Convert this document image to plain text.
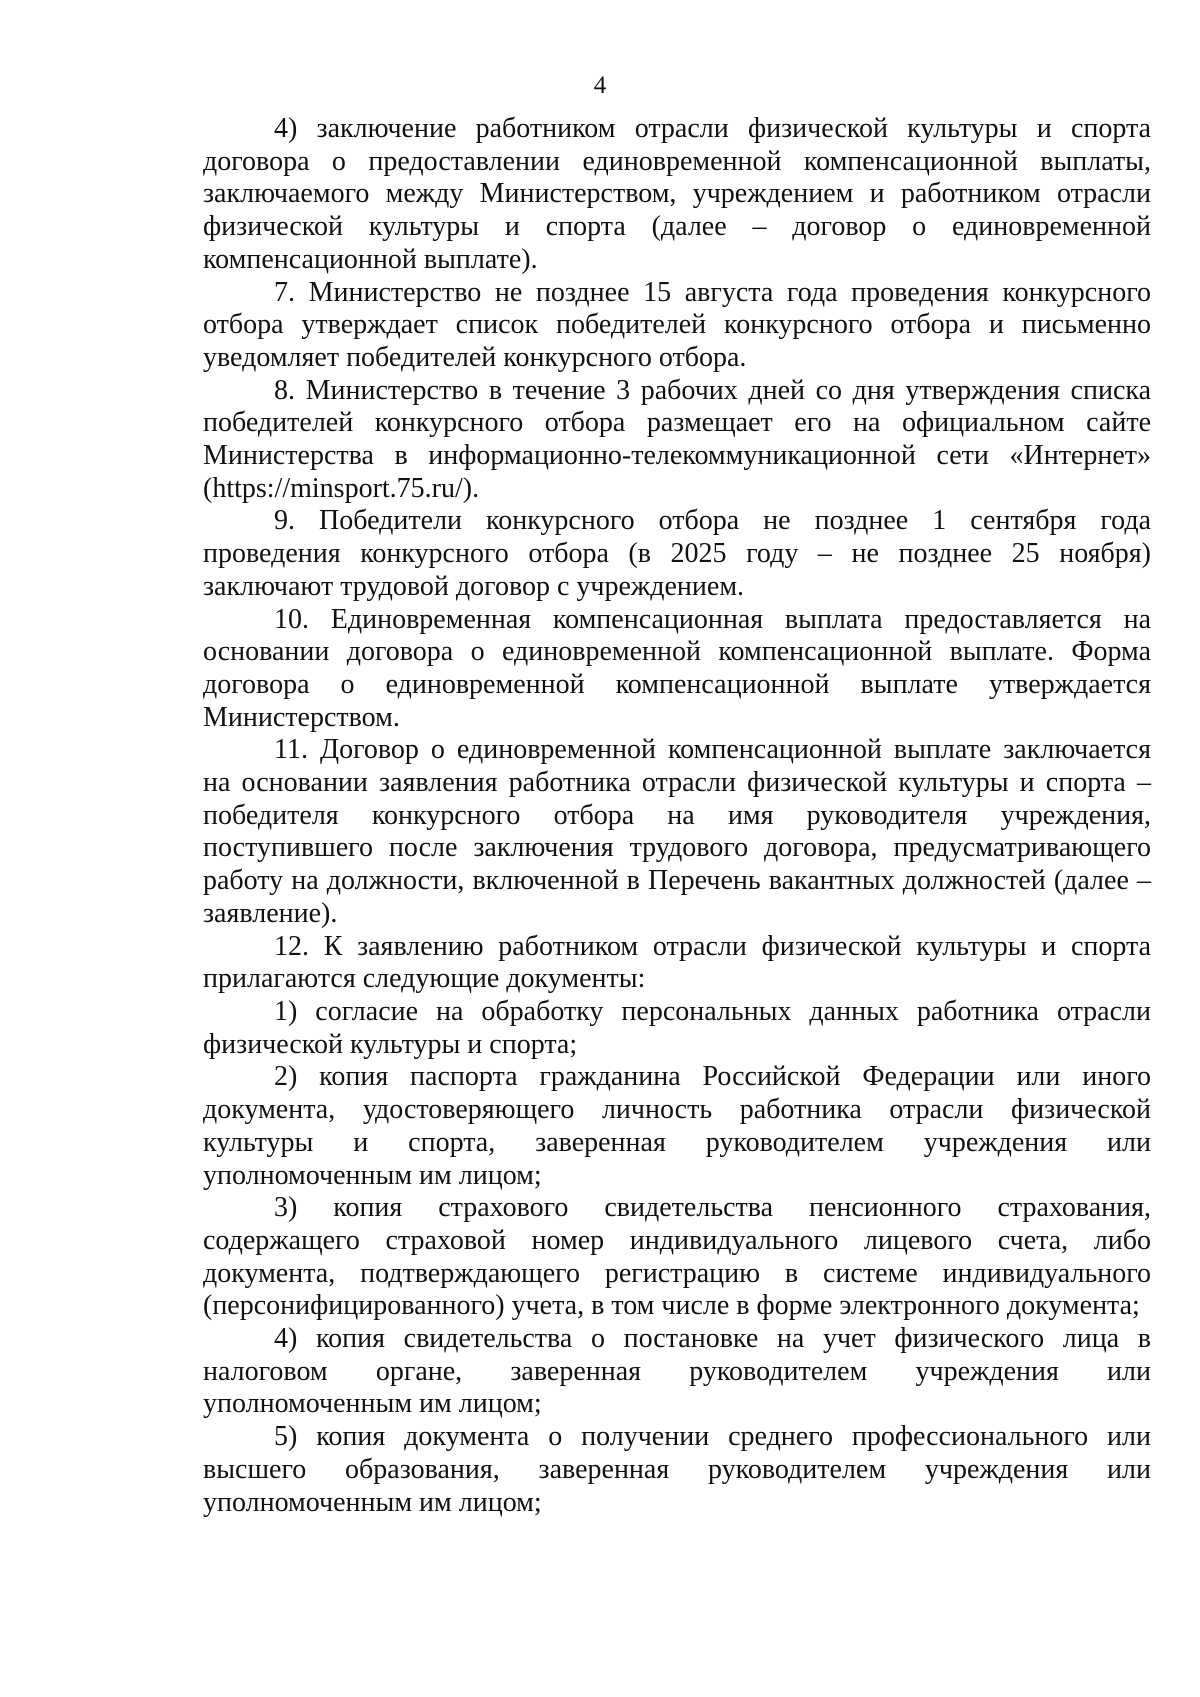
4

4) заключение работником отрасли физической культуры и спорта договора о предоставлении единовременной компенсационной выплаты, заключаемого между Министерством, учреждением и работником отрасли физической культуры и спорта (далее – договор о единовременной компенсационной выплате).

7. Министерство не позднее 15 августа года проведения конкурсного отбора утверждает список победителей конкурсного отбора и письменно уведомляет победителей конкурсного отбора.

8. Министерство в течение 3 рабочих дней со дня утверждения списка победителей конкурсного отбора размещает его на официальном сайте Министерства в информационно-телекоммуникационной сети «Интернет» (https://minsport.75.ru/).

9. Победители конкурсного отбора не позднее 1 сентября года проведения конкурсного отбора (в 2025 году – не позднее 25 ноября) заключают трудовой договор с учреждением.

10. Единовременная компенсационная выплата предоставляется на основании договора о единовременной компенсационной выплате. Форма договора о единовременной компенсационной выплате утверждается Министерством.

11. Договор о единовременной компенсационной выплате заключается на основании заявления работника отрасли физической культуры и спорта – победителя конкурсного отбора на имя руководителя учреждения, поступившего после заключения трудового договора, предусматривающего работу на должности, включенной в Перечень вакантных должностей (далее – заявление).

12. К заявлению работником отрасли физической культуры и спорта прилагаются следующие документы:

1) согласие на обработку персональных данных работника отрасли физической культуры и спорта;

2) копия паспорта гражданина Российской Федерации или иного документа, удостоверяющего личность работника отрасли физической культуры и спорта, заверенная руководителем учреждения или уполномоченным им лицом;

3) копия страхового свидетельства пенсионного страхования, содержащего страховой номер индивидуального лицевого счета, либо документа, подтверждающего регистрацию в системе индивидуального (персонифицированного) учета, в том числе в форме электронного документа;

4) копия свидетельства о постановке на учет физического лица в налоговом органе, заверенная руководителем учреждения или уполномоченным им лицом;

5) копия документа о получении среднего профессионального или высшего образования, заверенная руководителем учреждения или уполномоченным им лицом;
